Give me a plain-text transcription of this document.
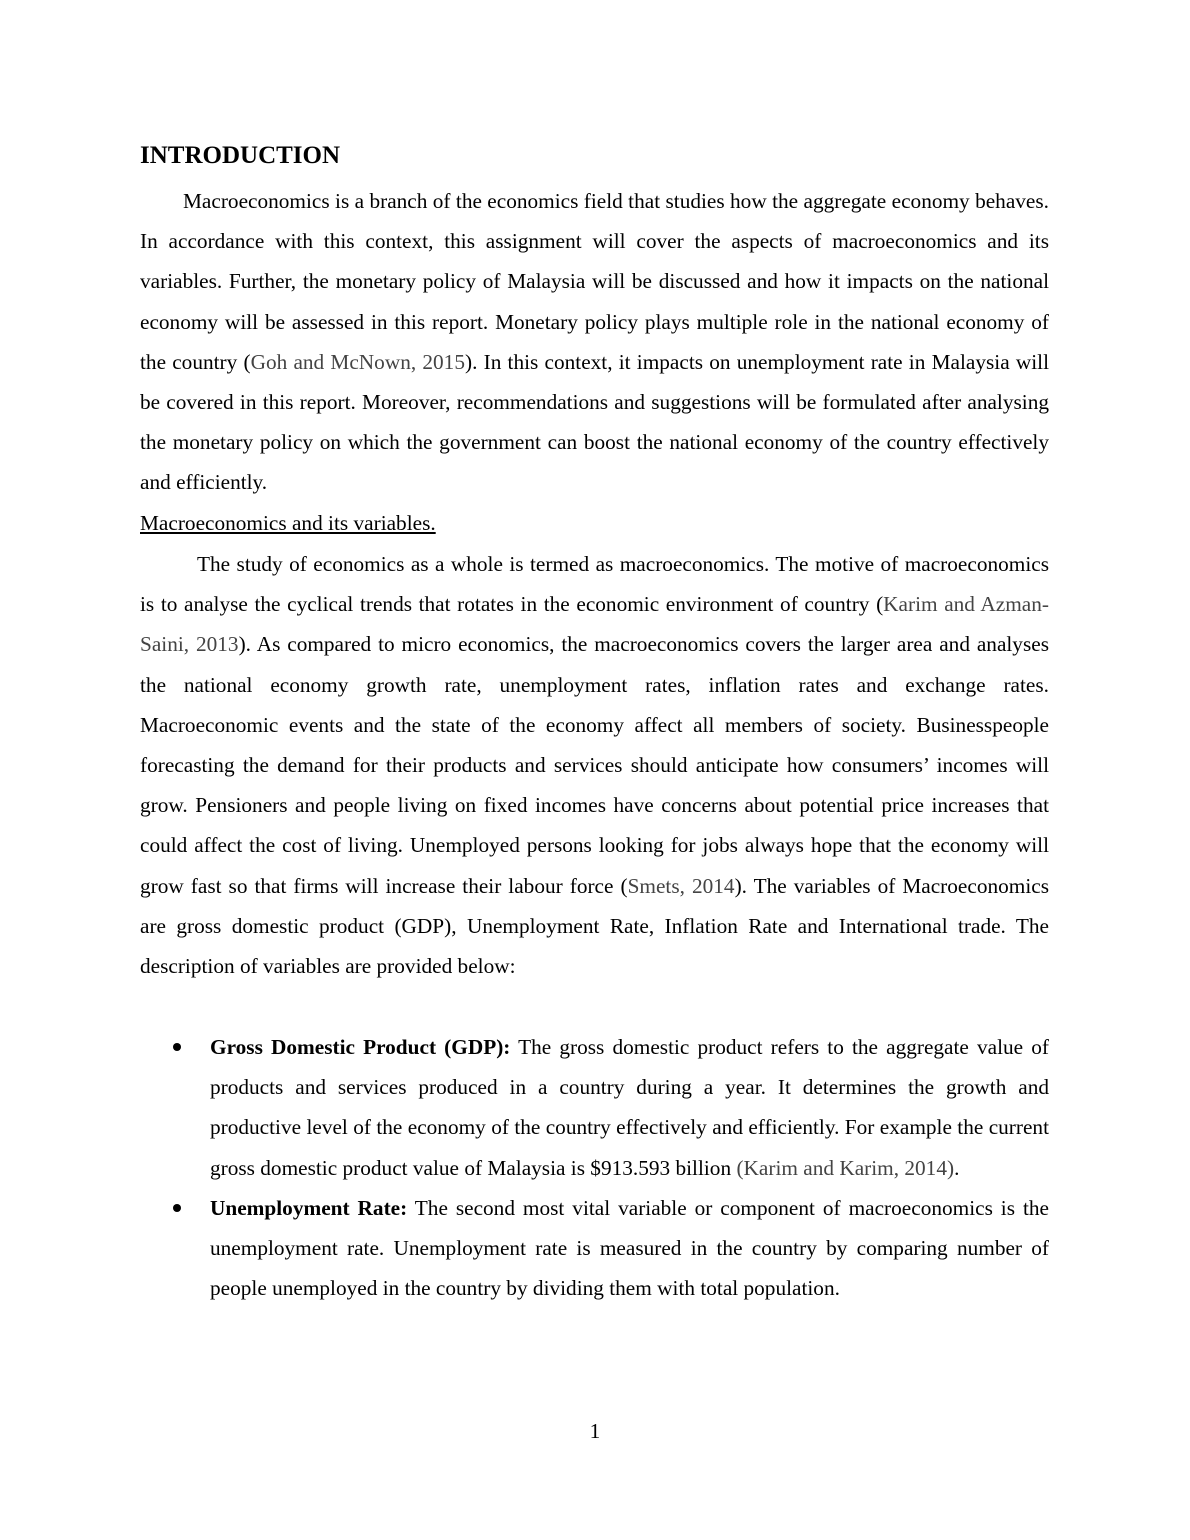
INTRODUCTION

Macroeconomics is a branch of the economics field that studies how the aggregate economy behaves. In accordance with this context, this assignment will cover the aspects of macroeconomics and its variables. Further, the monetary policy of Malaysia will be discussed and how it impacts on the national economy will be assessed in this report. Monetary policy plays multiple role in the national economy of the country (Goh and McNown, 2015). In this context, it impacts on unemployment rate in Malaysia will be covered in this report. Moreover, recommendations and suggestions will be formulated after analysing the monetary policy on which the government can boost the national economy of the country effectively and efficiently.

Macroeconomics and its variables.

The study of economics as a whole is termed as macroeconomics. The motive of macroeconomics is to analyse the cyclical trends that rotates in the economic environment of country (Karim and Azman-Saini, 2013). As compared to micro economics, the macroeconomics covers the larger area and analyses the national economy growth rate, unemployment rates, inflation rates and exchange rates. Macroeconomic events and the state of the economy affect all members of society. Businesspeople forecasting the demand for their products and services should anticipate how consumers’ incomes will grow. Pensioners and people living on fixed incomes have concerns about potential price increases that could affect the cost of living. Unemployed persons looking for jobs always hope that the economy will grow fast so that firms will increase their labour force (Smets, 2014). The variables of Macroeconomics are gross domestic product (GDP), Unemployment Rate, Inflation Rate and International trade. The description of variables are provided below:

Gross Domestic Product (GDP): The gross domestic product refers to the aggregate value of products and services produced in a country during a year. It determines the growth and productive level of the economy of the country effectively and efficiently. For example the current gross domestic product value of Malaysia is $913.593 billion (Karim and Karim, 2014).
Unemployment Rate: The second most vital variable or component of macroeconomics is the unemployment rate. Unemployment rate is measured in the country by comparing number of people unemployed in the country by dividing them with total population.
1
